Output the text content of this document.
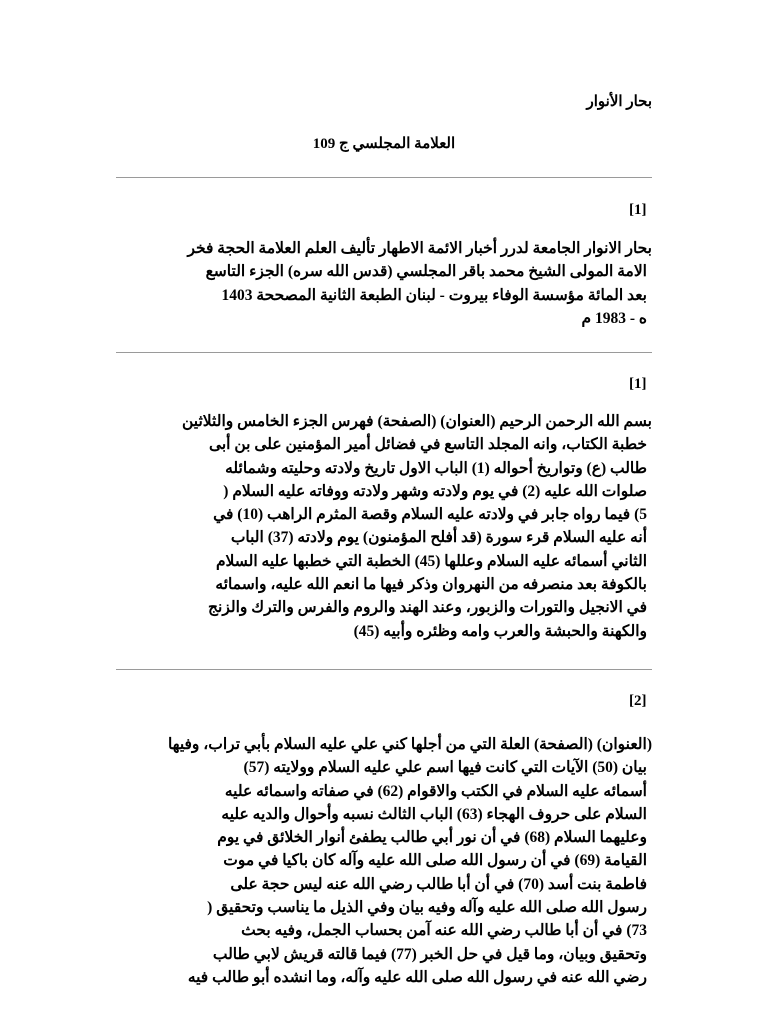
بحار الأنوار
العلامة المجلسي ج 109
[1]
بحار الانوار الجامعة لدرر أخبار الائمة الاطهار تأليف العلم العلامة الحجة فخر
الامة المولى الشيخ محمد باقر المجلسي (قدس الله سره) الجزء التاسع
بعد المائة مؤسسة الوفاء بيروت - لبنان الطبعة الثانية المصححة 1403
ه - 1983 م
[1]
بسم الله الرحمن الرحيم (العنوان) (الصفحة) فهرس الجزء الخامس والثلاثين
خطبة الكتاب، وانه المجلد التاسع في فضائل أمير المؤمنين على بن أبى
طالب (ع) وتواريخ أحواله (1) الباب الاول تاريخ ولادته وحليته وشمائله
صلوات الله عليه (2) في يوم ولادته وشهر ولادته ووفاته عليه السلام (
5) فيما رواه جابر في ولادته عليه السلام وقصة المثرم الراهب (10) في
أنه عليه السلام قرء سورة (قد أفلح المؤمنون) يوم ولادته (37) الباب
الثاني أسمائه عليه السلام وعللها (45) الخطبة التي خطبها عليه السلام
بالكوفة بعد منصرفه من النهروان وذكر فيها ما انعم الله عليه، واسمائه
في الانجيل والتورات والزبور، وعند الهند والروم والفرس والترك والزنج
والكهنة والحبشة والعرب وامه وظئره وأبيه (45)
[2]
(العنوان) (الصفحة) العلة التي من أجلها كني علي عليه السلام بأبي تراب، وفيها
بيان (50) الآيات التي كانت فيها اسم علي عليه السلام وولايته (57)
أسمائه عليه السلام في الكتب والاقوام (62) في صفاته واسمائه عليه
السلام على حروف الهجاء (63) الباب الثالث نسبه وأحوال والديه عليه
وعليهما السلام (68) في أن نور أبي طالب يطفئ أنوار الخلائق في يوم
القيامة (69) في أن رسول الله صلى الله عليه وآله كان باكيا في موت
فاطمة بنت أسد (70) في أن أبا طالب رضي الله عنه ليس حجة على
رسول الله صلى الله عليه وآله وفيه بيان وفي الذيل ما يناسب وتحقيق (
73) في أن أبا طالب رضي الله عنه آمن بحساب الجمل، وفيه بحث
وتحقيق وبيان، وما قيل في حل الخبر (77) فيما قالته قريش لابي طالب
رضي الله عنه في رسول الله صلى الله عليه وآله، وما انشده أبو طالب فيه
